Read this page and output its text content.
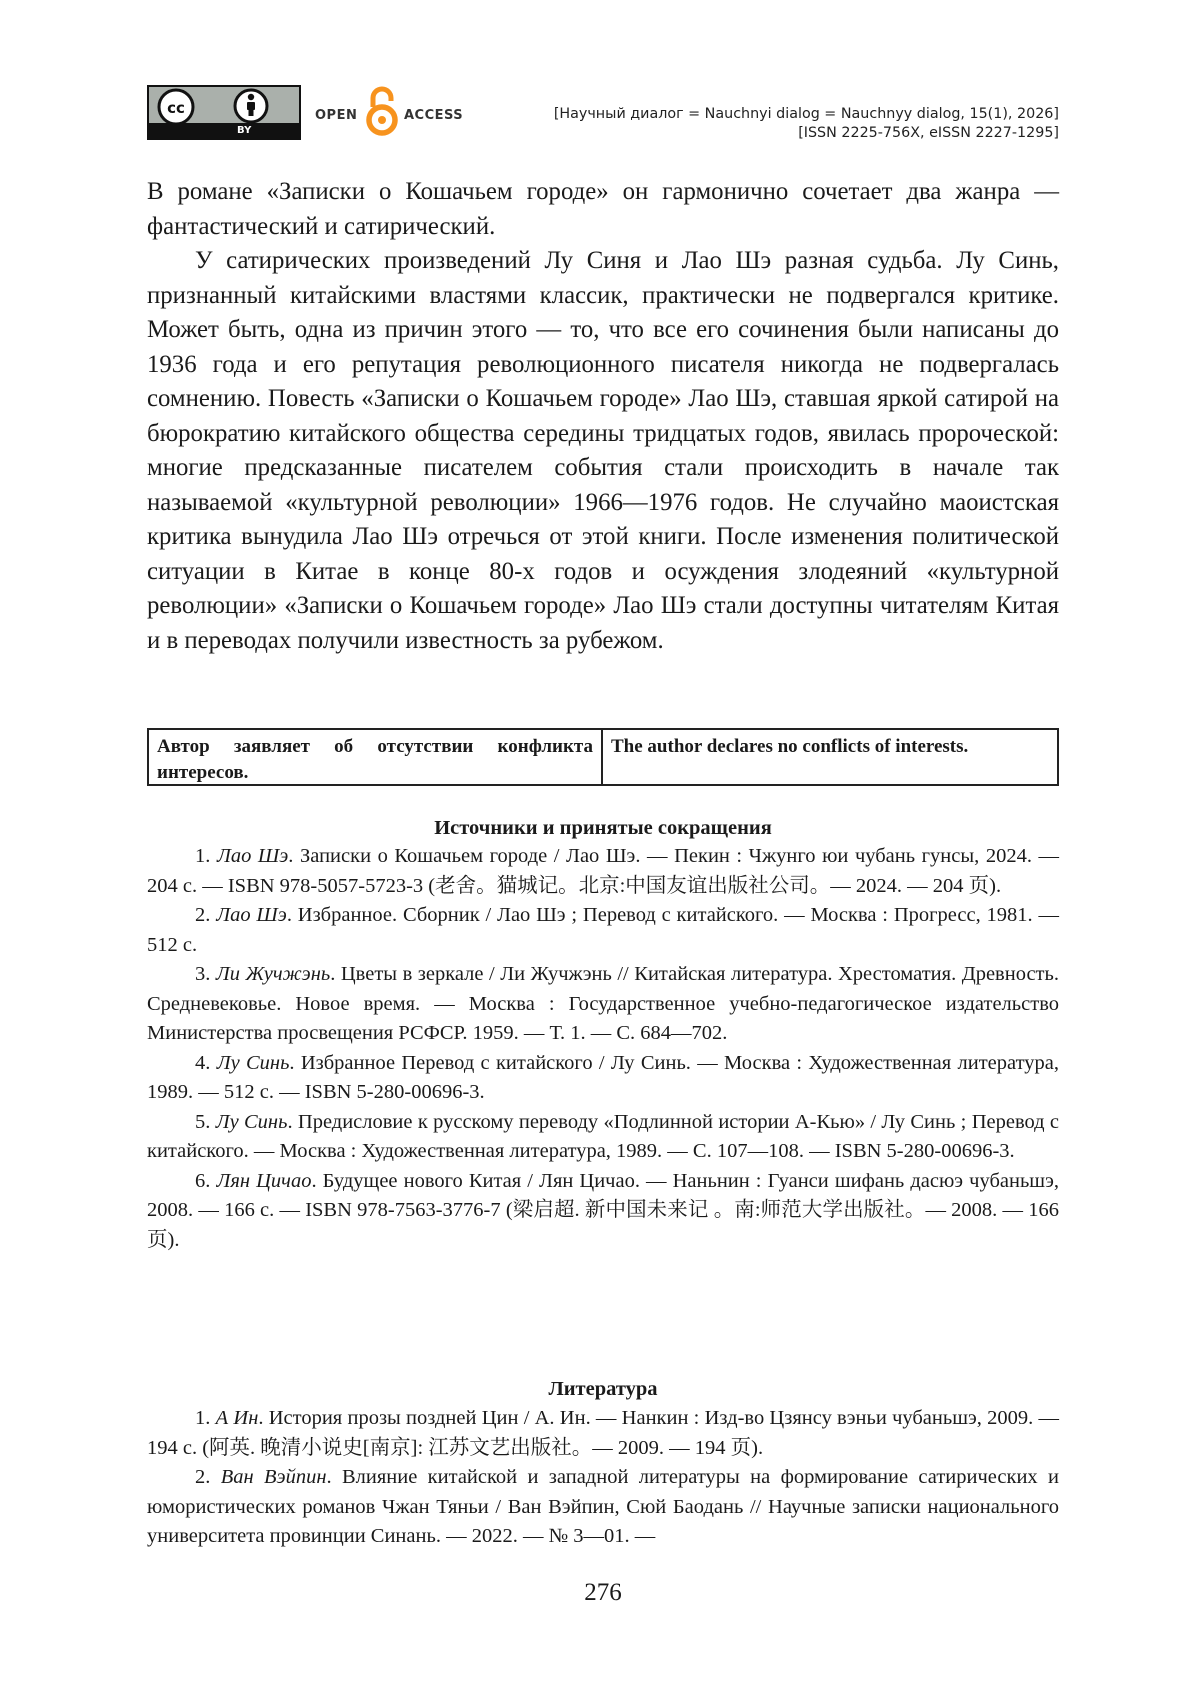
cc
BY
OPEN	ACCESS	[Научный диалог = Nauchnyi dialog = Nauchnyy dialog, 15(1), 2026]
[ISSN 2225-756X, eISSN 2227-1295]

В романе «Записки о Кошачьем городе» он гармонично сочетает два жанра — фантастический и сатирический.

У сатирических произведений Лу Синя и Лао Шэ разная судьба. Лу Синь, признанный китайскими властями классик, практически не подвергался критике. Может быть, одна из причин этого — то, что все его сочинения были написаны до 1936 года и его репутация революционного писателя никогда не подвергалась сомнению. Повесть «Записки о Кошачьем городе» Лао Шэ, ставшая яркой сатирой на бюрократию китайского общества середины тридцатых годов, явилась пророческой: многие предсказанные писателем события стали происходить в начале так называемой «культурной революции» 1966—1976 годов. Не случайно маоистская критика вынудила Лао Шэ отречься от этой книги. После изменения политической ситуации в Китае в конце 80-х годов и осуждения злодеяний «культурной революции» «Записки о Кошачьем городе» Лао Шэ стали доступны читателям Китая и в переводах получили известность за рубежом.

Автор заявляет об отсутствии конфликта интересов.
The author declares no conflicts of interests.
Источники и принятые сокращения

1. Лао Шэ. Записки о Кошачьем городе / Лао Шэ. — Пекин : Чжунго юи чубань гунсы, 2024. — 204 с. — ISBN 978-5057-5723-3 (老舍。猫城记。北京:中国友谊出版社公司。— 2024. — 204 页).

2. Лао Шэ. Избранное. Сборник / Лао Шэ ; Перевод с китайского. — Москва : Прогресс, 1981. — 512 с.

3. Ли Жучжэнь. Цветы в зеркале / Ли Жучжэнь // Китайская литература. Хрестоматия. Древность. Средневековье. Новое время. — Москва : Государственное учебно-педагогическое издательство Министерства просвещения РСФСР. 1959. — Т. 1. — С. 684—702.

4. Лу Синь. Избранное Перевод с китайского / Лу Синь. — Москва : Художественная литература, 1989. — 512 с. — ISBN 5-280-00696-3.

5. Лу Синь. Предисловие к русскому переводу «Подлинной истории А-Кью» / Лу Синь ; Перевод с китайского. — Москва : Художественная литература, 1989. — С. 107—108. — ISBN 5-280-00696-3.

6. Лян Цичао. Будущее нового Китая / Лян Цичао. — Наньнин : Гуанси шифань дасюэ чубаньшэ, 2008. — 166 с. — ISBN 978-7563-3776-7 (梁启超. 新中国未来记 。南:师范大学出版社。— 2008. — 166 页).

Литература

1. А Ин. История прозы поздней Цин / А. Ин. — Нанкин : Изд-во Цзянсу вэньи чубаньшэ, 2009. — 194 с. (阿英. 晚清小说史[南京]: 江苏文艺出版社。— 2009. — 194 页).

2. Ван Вэйпин. Влияние китайской и западной литературы на формирование сатирических и юмористических романов Чжан Тяньи / Ван Вэйпин, Сюй Баодань // Научные записки национального университета провинции Синань. — 2022. — № 3—01. —

276
